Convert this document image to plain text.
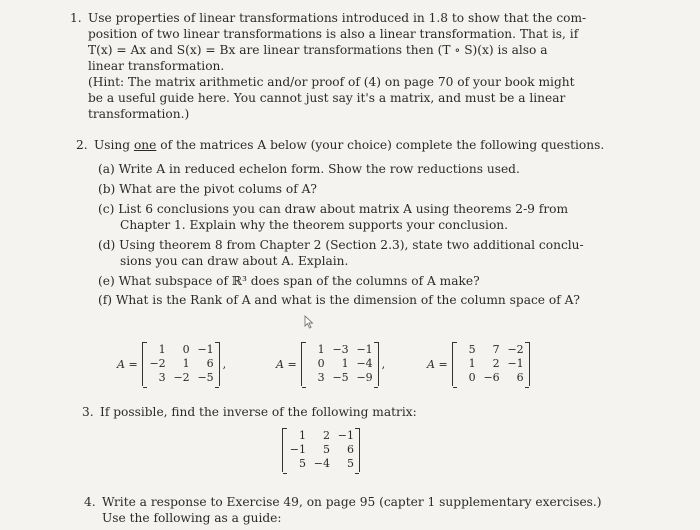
1. Use properties of linear transformations introduced in 1.8 to show that the com-
position of two linear transformations is also a linear transformation. That is, if
T(x) = Ax and S(x) = Bx are linear transformations then (T ∘ S)(x) is also a
linear transformation.
(Hint: The matrix arithmetic and/or proof of (4) on page 70 of your book might
be a useful guide here. You cannot just say it's a matrix, and must be a linear
transformation.)
2. Using one of the matrices A below (your choice) complete the following questions.
(a) Write A in reduced echelon form. Show the row reductions used.
(b) What are the pivot colums of A?
(c) List 6 conclusions you can draw about matrix A using theorems 2-9 from
Chapter 1. Explain why the theorem supports your conclusion.
(d) Using theorem 8 from Chapter 2 (Section 2.3), state two additional conclu-
sions you can draw about A. Explain.
(e) What subspace of ℝ³ does span of the columns of A make?
(f) What is the Rank of A and what is the dimension of the column space of A?
A =
1	0 −1
−2	1	6
3 −2 −5
,	A =
1 −3 −1
0	1 −4
3 −5 −9
,	A =
5	7 −2
1	2 −1
0 −6	6
3. If possible, find the inverse of the following matrix:
1	2 −1
−1	5	6
5 −4	5
4. Write a response to Exercise 49, on page 95 (capter 1 supplementary exercises.)
Use the following as a guide:
